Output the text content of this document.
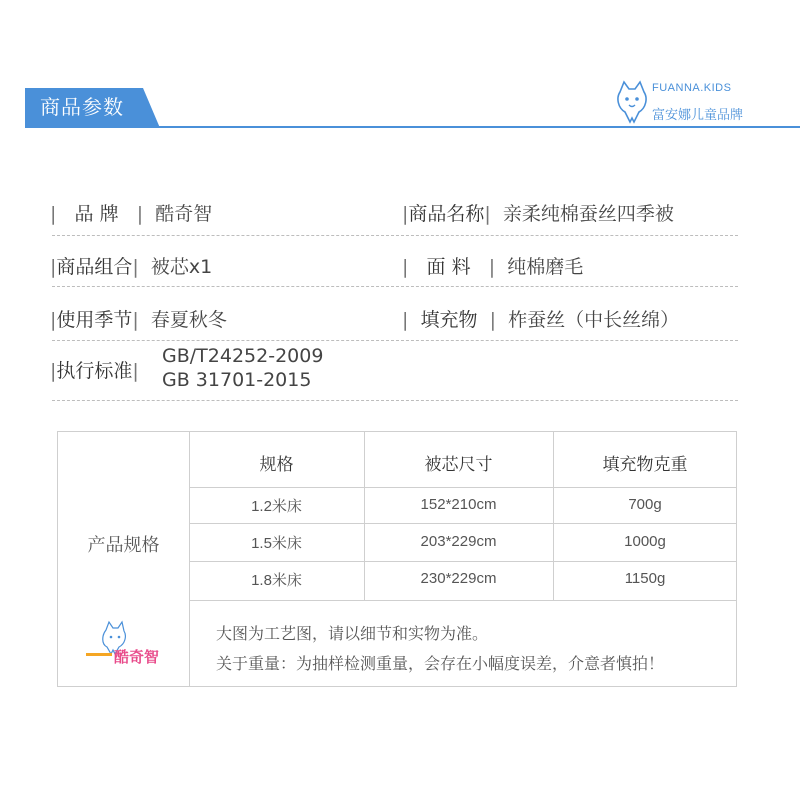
商品参数
FUANNA.KIDS
富安娜儿童品牌
| 品 牌 | 酷奇智	|商品名称| 亲柔纯棉蚕丝四季被
|商品组合| 被芯x1	| 面 料 | 纯棉磨毛
|使用季节| 春夏秋冬	| 填充物 | 柞蚕丝（中长丝绵）
|执行标准|
GB/T24252-2009
GB 31701-2015
产品规格
规格	被芯尺寸	填充物克重
1.2米床	152*210cm	700g
1.5米床	203*229cm	1000g
1.8米床	230*229cm	1150g
大图为工艺图，请以细节和实物为准。
关于重量：为抽样检测重量，会存在小幅度误差，介意者慎拍！
酷奇智
